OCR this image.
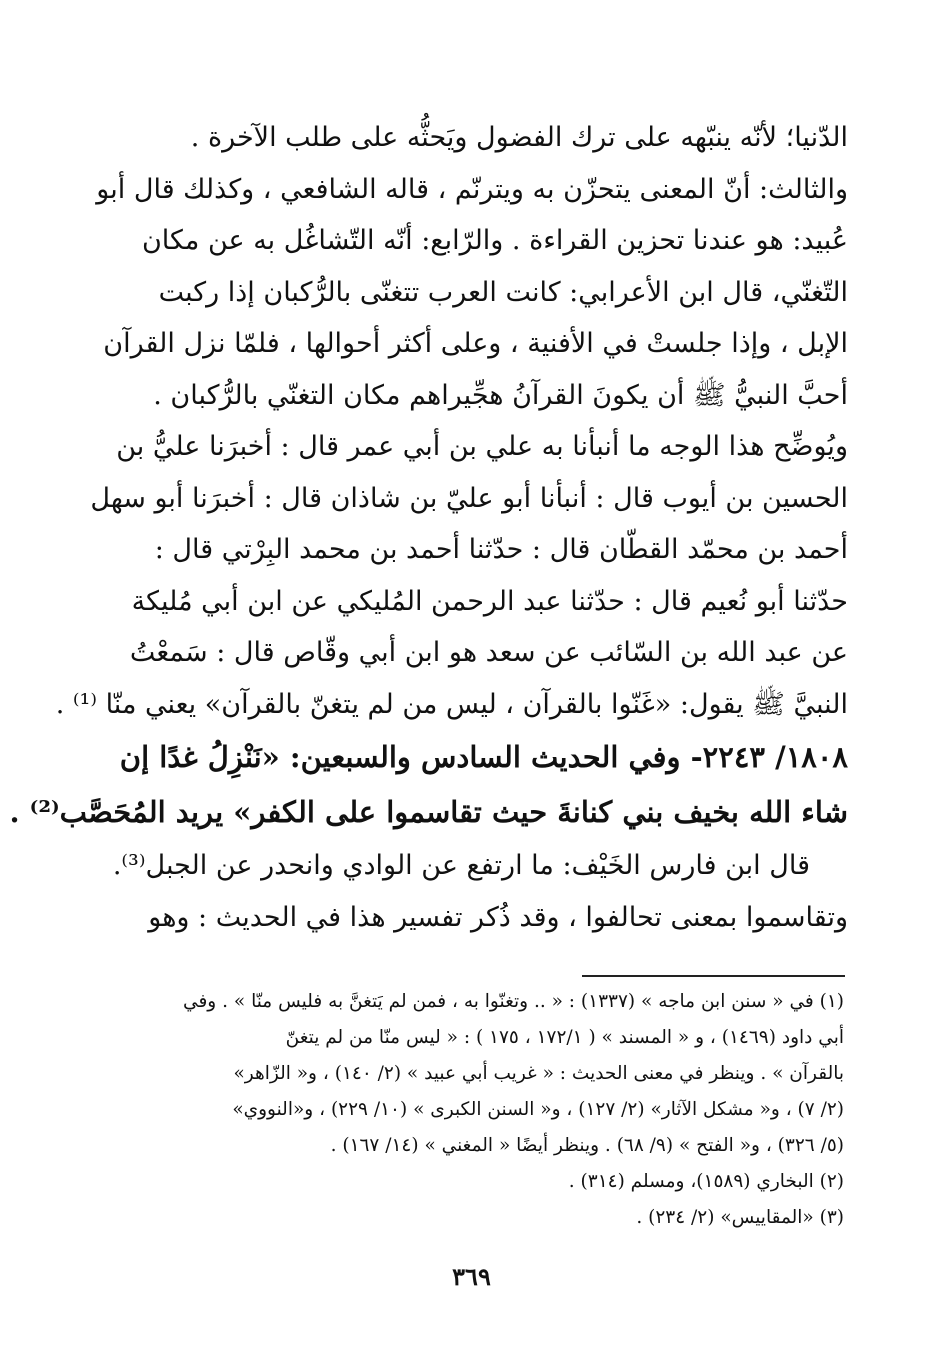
الدّنيا؛ لأنّه ينبّهه على ترك الفضول ويَحثُّه على طلب الآخرة .
والثالث: أنّ المعنى يتحزّن به ويترنّم ، قاله الشافعي ، وكذلك قال أبو
عُبيد: هو عندنا تحزين القراءة . والرّابع: أنّه التّشاغُل به عن مكان
التّغنّي، قال ابن الأعرابي: كانت العرب تتغنّى بالرُّكبان إذا ركبت
الإبل ، وإذا جلستْ في الأفنية ، وعلى أكثر أحوالها ، فلمّا نزل القرآن
أحبَّ النبيُّ ﷺ أن يكونَ القرآنُ هجِّيراهم مكان التغنّي بالرُّكبان .
ويُوضِّح هذا الوجه ما أنبأنا به علي بن أبي عمر قال : أخبرَنا عليُّ بن
الحسين بن أيوب قال : أنبأنا أبو عليّ بن شاذان قال : أخبرَنا أبو سهل
أحمد بن محمّد القطّان قال : حدّثنا أحمد بن محمد البِرْتي قال :
حدّثنا أبو نُعيم قال : حدّثنا عبد الرحمن المُليكي عن ابن أبي مُليكة
عن عبد الله بن السّائب عن سعد هو ابن أبي وقّاص قال : سَمعْتُ
النبيَّ ﷺ يقول: «غَنّوا بالقرآن ، ليس من لم يتغنّ بالقرآن» يعني منّا ⁽¹⁾ .
١٨٠٨/ ٢٢٤٣- وفي الحديث السادس والسبعين: «نَنْزِلُ غدًا إن
شاء الله بخيف بني كنانةَ حيث تقاسموا على الكفر» يريد المُحَصَّب⁽²⁾ .
قال ابن فارس الخَيْف: ما ارتفع عن الوادي وانحدر عن الجبل⁽³⁾.
وتقاسموا بمعنى تحالفوا ، وقد ذُكر تفسير هذا في الحديث : وهو
(١) في « سنن ابن ماجه » (١٣٣٧) : « .. وتغنّوا به ، فمن لم يَتغنَّ به فليس منّا » . وفي
أبي داود (١٤٦٩) ، و « المسند » ( ١٧٢/١ ، ١٧٥ ) : « ليس منّا من لم يتغنّ
بالقرآن » . وينظر في معنى الحديث : « غريب أبي عبيد » (٢/ ١٤٠) ، و« الزّاهر»
(٢/ ٧) ، و« مشكل الآثار» (٢/ ١٢٧) ، و« السنن الكبرى » (١٠/ ٢٢٩) ، و«النووي»
(٥/ ٣٢٦) ، و« الفتح » (٩/ ٦٨) . وينظر أيضًا « المغني » (١٤/ ١٦٧) .
(٢) البخاري (١٥٨٩)، ومسلم (٣١٤) .
(٣) «المقاييس» (٢/ ٢٣٤) .
٣٦٩
